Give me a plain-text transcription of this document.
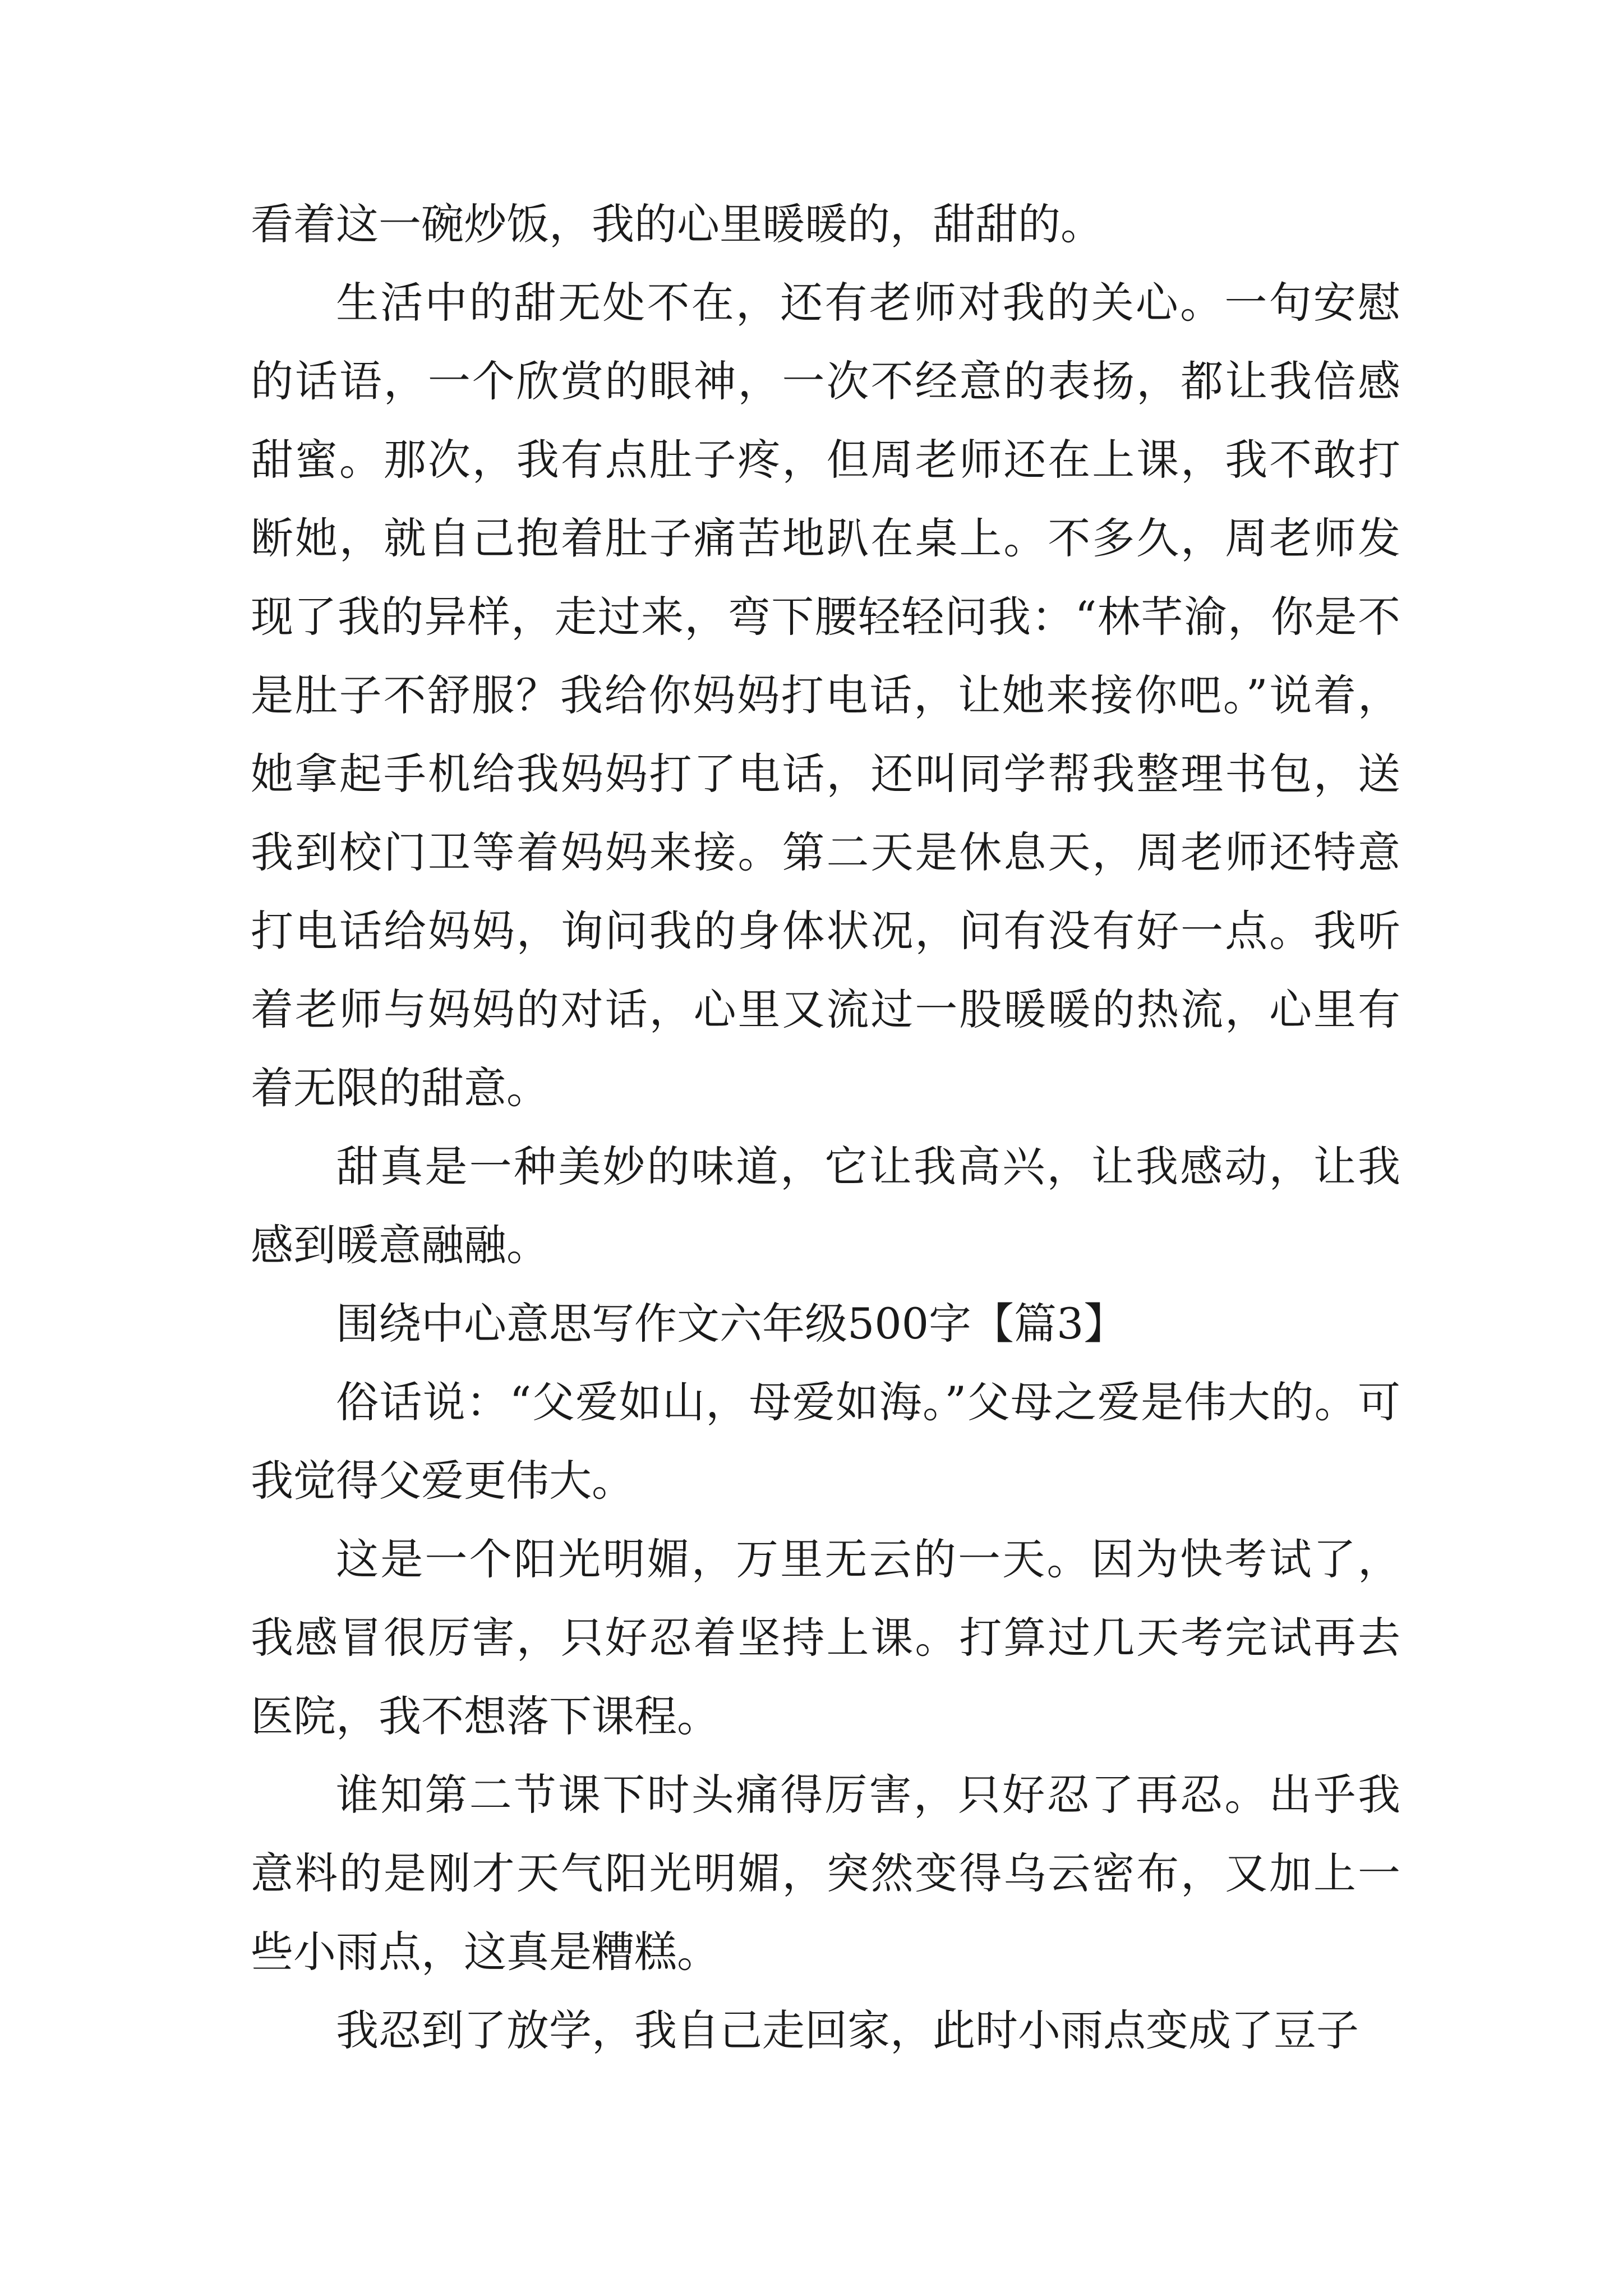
看着这一碗炒饭，我的心里暖暖的，甜甜的。

生活中的甜无处不在，还有老师对我的关心。一句安慰的话语，一个欣赏的眼神，一次不经意的表扬，都让我倍感甜蜜。那次，我有点肚子疼，但周老师还在上课，我不敢打断她，就自己抱着肚子痛苦地趴在桌上。不多久，周老师发现了我的异样，走过来，弯下腰轻轻问我：“林芊渝，你是不是肚子不舒服？我给你妈妈打电话，让她来接你吧。”说着，她拿起手机给我妈妈打了电话，还叫同学帮我整理书包，送我到校门卫等着妈妈来接。第二天是休息天，周老师还特意打电话给妈妈，询问我的身体状况，问有没有好一点。我听着老师与妈妈的对话，心里又流过一股暖暖的热流，心里有着无限的甜意。

甜真是一种美妙的味道，它让我高兴，让我感动，让我感到暖意融融。

围绕中心意思写作文六年级500字【篇3】

俗话说：“父爱如山，母爱如海。”父母之爱是伟大的。可我觉得父爱更伟大。

这是一个阳光明媚，万里无云的一天。因为快考试了，我感冒很厉害，只好忍着坚持上课。打算过几天考完试再去医院，我不想落下课程。

谁知第二节课下时头痛得厉害，只好忍了再忍。出乎我意料的是刚才天气阳光明媚，突然变得乌云密布，又加上一些小雨点，这真是糟糕。

我忍到了放学，我自己走回家，此时小雨点变成了豆子
